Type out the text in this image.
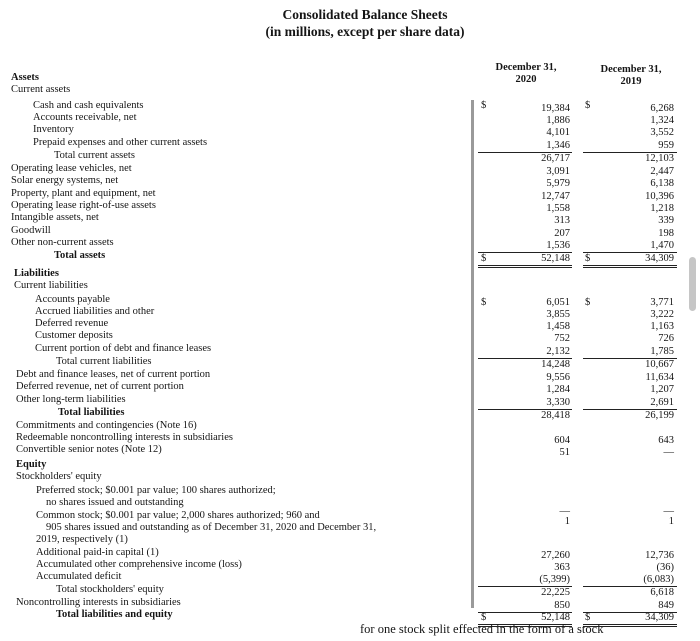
Consolidated Balance Sheets
(in millions, except per share data)
December 31,
2020
December 31,
2019
Assets
Current assets
Cash and cash equivalents	19,384	6,268
$	$
Accounts receivable, net	1,886	1,324
Inventory	4,101	3,552
Prepaid expenses and other current assets	1,346	959
Total current assets	26,717	12,103
Operating lease vehicles, net	3,091	2,447
Solar energy systems, net	5,979	6,138
Property, plant and equipment, net	12,747	10,396
Operating lease right-of-use assets	1,558	1,218
Intangible assets, net	313	339
Goodwill	207	198
Other non-current assets	1,536	1,470
Total assets	52,148	34,309
$	$
Liabilities
Current liabilities
Accounts payable	6,051	3,771
$	$
Accrued liabilities and other	3,855	3,222
Deferred revenue	1,458	1,163
Customer deposits	752	726
Current portion of debt and finance leases	2,132	1,785
Total current liabilities	14,248	10,667
Debt and finance leases, net of current portion	9,556	11,634
Deferred revenue, net of current portion	1,284	1,207
Other long-term liabilities	3,330	2,691
Total liabilities	28,418	26,199
Commitments and contingencies (Note 16)
Redeemable noncontrolling interests in subsidiaries	604	643
Convertible senior notes (Note 12)	51	—
Equity
Stockholders' equity
Preferred stock; $0.001 par value; 100 shares authorized;
no shares issued and outstanding
—	—
Common stock; $0.001 par value; 2,000 shares authorized; 960 and
905 shares issued and outstanding as of December 31, 2020 and December 31,
1	1
2019, respectively (1)
Additional paid-in capital (1)	27,260	12,736
Accumulated other comprehensive income (loss)	363	(36)
Accumulated deficit	(5,399)	(6,083)
Total stockholders' equity	22,225	6,618
Noncontrolling interests in subsidiaries	850	849
Total liabilities and equity	52,148	34,309
$	$
for one stock split effected in the form of a stock
